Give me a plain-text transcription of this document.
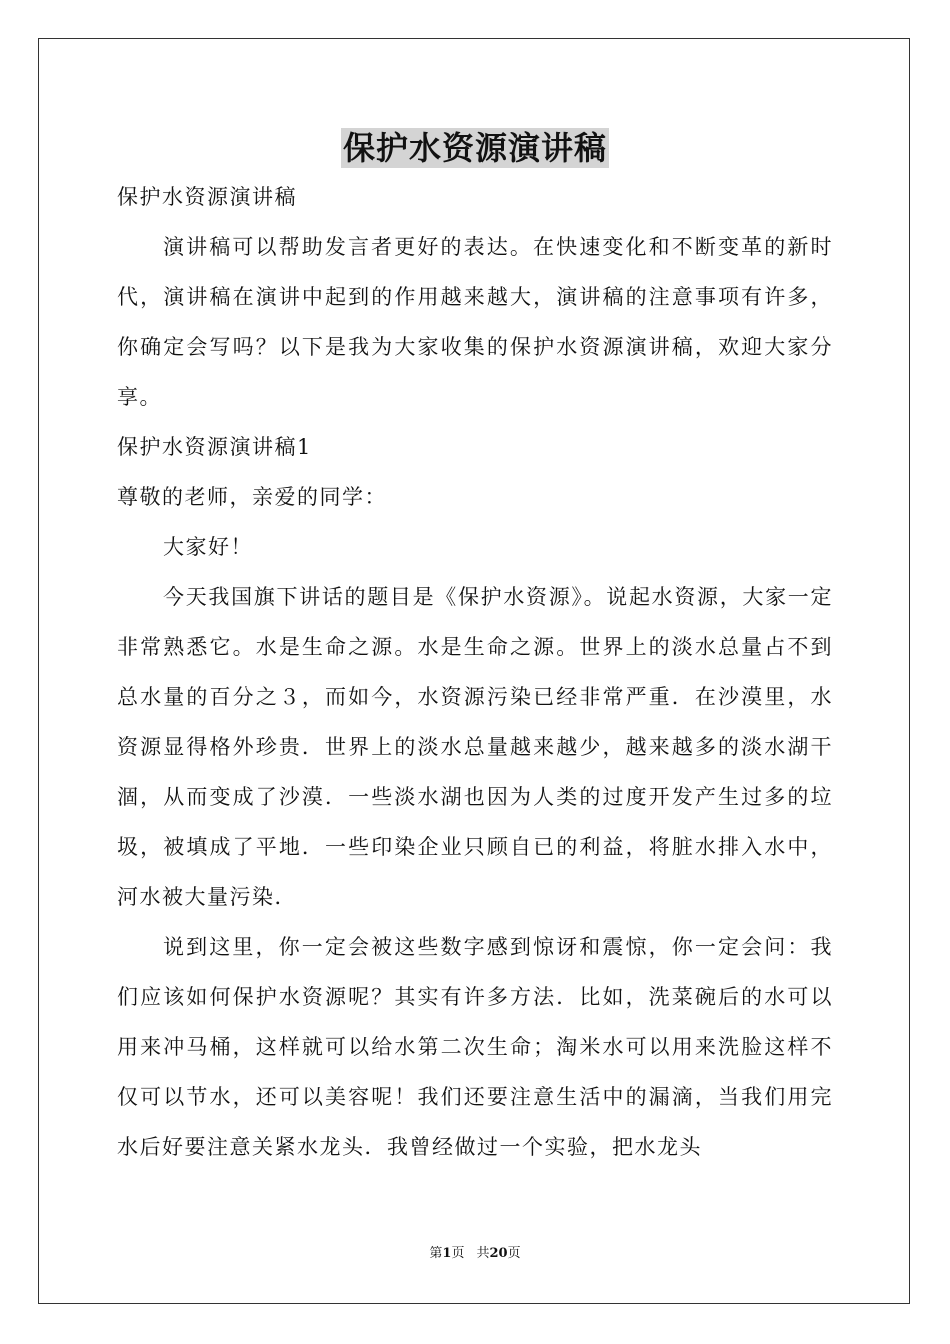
保护水资源演讲稿

保护水资源演讲稿

演讲稿可以帮助发言者更好的表达。在快速变化和不断变革的新时代，演讲稿在演讲中起到的作用越来越大，演讲稿的注意事项有许多，你确定会写吗？以下是我为大家收集的保护水资源演讲稿，欢迎大家分享。

保护水资源演讲稿1

尊敬的老师，亲爱的同学：

大家好！

今天我国旗下讲话的题目是《保护水资源》。说起水资源，大家一定非常熟悉它。水是生命之源。水是生命之源。世界上的淡水总量占不到总水量的百分之３，而如今，水资源污染已经非常严重．在沙漠里，水资源显得格外珍贵．世界上的淡水总量越来越少，越来越多的淡水湖干涸，从而变成了沙漠．一些淡水湖也因为人类的过度开发产生过多的垃圾，被填成了平地．一些印染企业只顾自已的利益，将脏水排入水中，河水被大量污染．

说到这里，你一定会被这些数字感到惊讶和震惊，你一定会问：我们应该如何保护水资源呢？其实有许多方法．比如，洗菜碗后的水可以用来冲马桶，这样就可以给水第二次生命；淘米水可以用来洗脸这样不仅可以节水，还可以美容呢！我们还要注意生活中的漏滴，当我们用完水后好要注意关紧水龙头．我曾经做过一个实验，把水龙头

第1页 共20页
